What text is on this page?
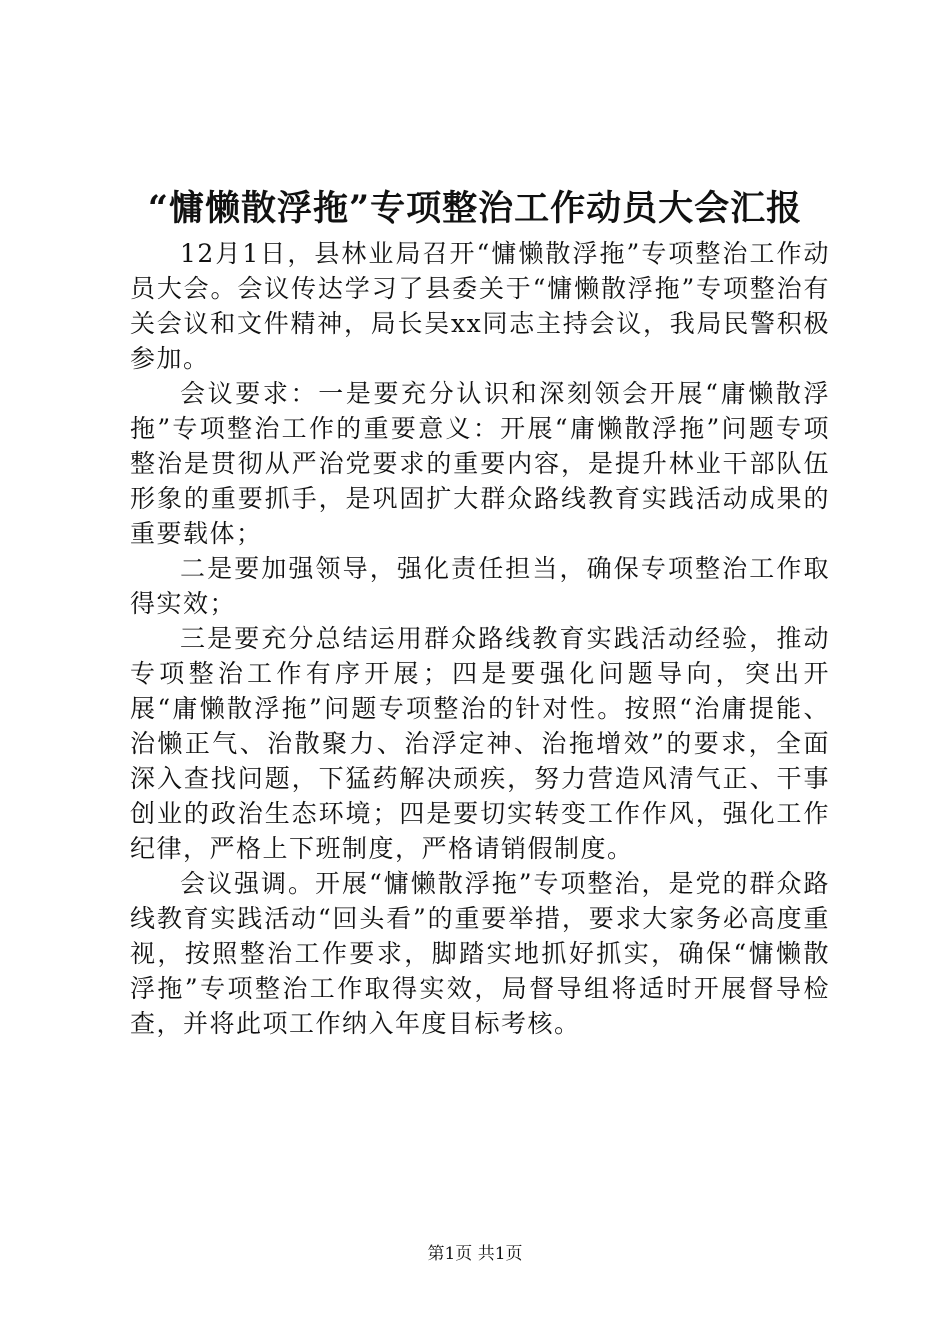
“慵懒散浮拖”专项整治工作动员大会汇报

12月1日，县林业局召开“慵懒散浮拖”专项整治工作动员大会。会议传达学习了县委关于“慵懒散浮拖”专项整治有关会议和文件精神，局长吴xx同志主持会议，我局民警积极参加。

会议要求：一是要充分认识和深刻领会开展“庸懒散浮拖”专项整治工作的重要意义：开展“庸懒散浮拖”问题专项整治是贯彻从严治党要求的重要内容，是提升林业干部队伍形象的重要抓手，是巩固扩大群众路线教育实践活动成果的重要载体；

二是要加强领导，强化责任担当，确保专项整治工作取得实效；

三是要充分总结运用群众路线教育实践活动经验，推动专项整治工作有序开展；四是要强化问题导向，突出开展“庸懒散浮拖”问题专项整治的针对性。按照“治庸提能、治懒正气、治散聚力、治浮定神、治拖增效”的要求，全面深入查找问题，下猛药解决顽疾，努力营造风清气正、干事创业的政治生态环境；四是要切实转变工作作风，强化工作纪律，严格上下班制度，严格请销假制度。

会议强调。开展“慵懒散浮拖”专项整治，是党的群众路线教育实践活动“回头看”的重要举措，要求大家务必高度重视，按照整治工作要求，脚踏实地抓好抓实，确保“慵懒散浮拖”专项整治工作取得实效，局督导组将适时开展督导检查，并将此项工作纳入年度目标考核。

第1页 共1页
